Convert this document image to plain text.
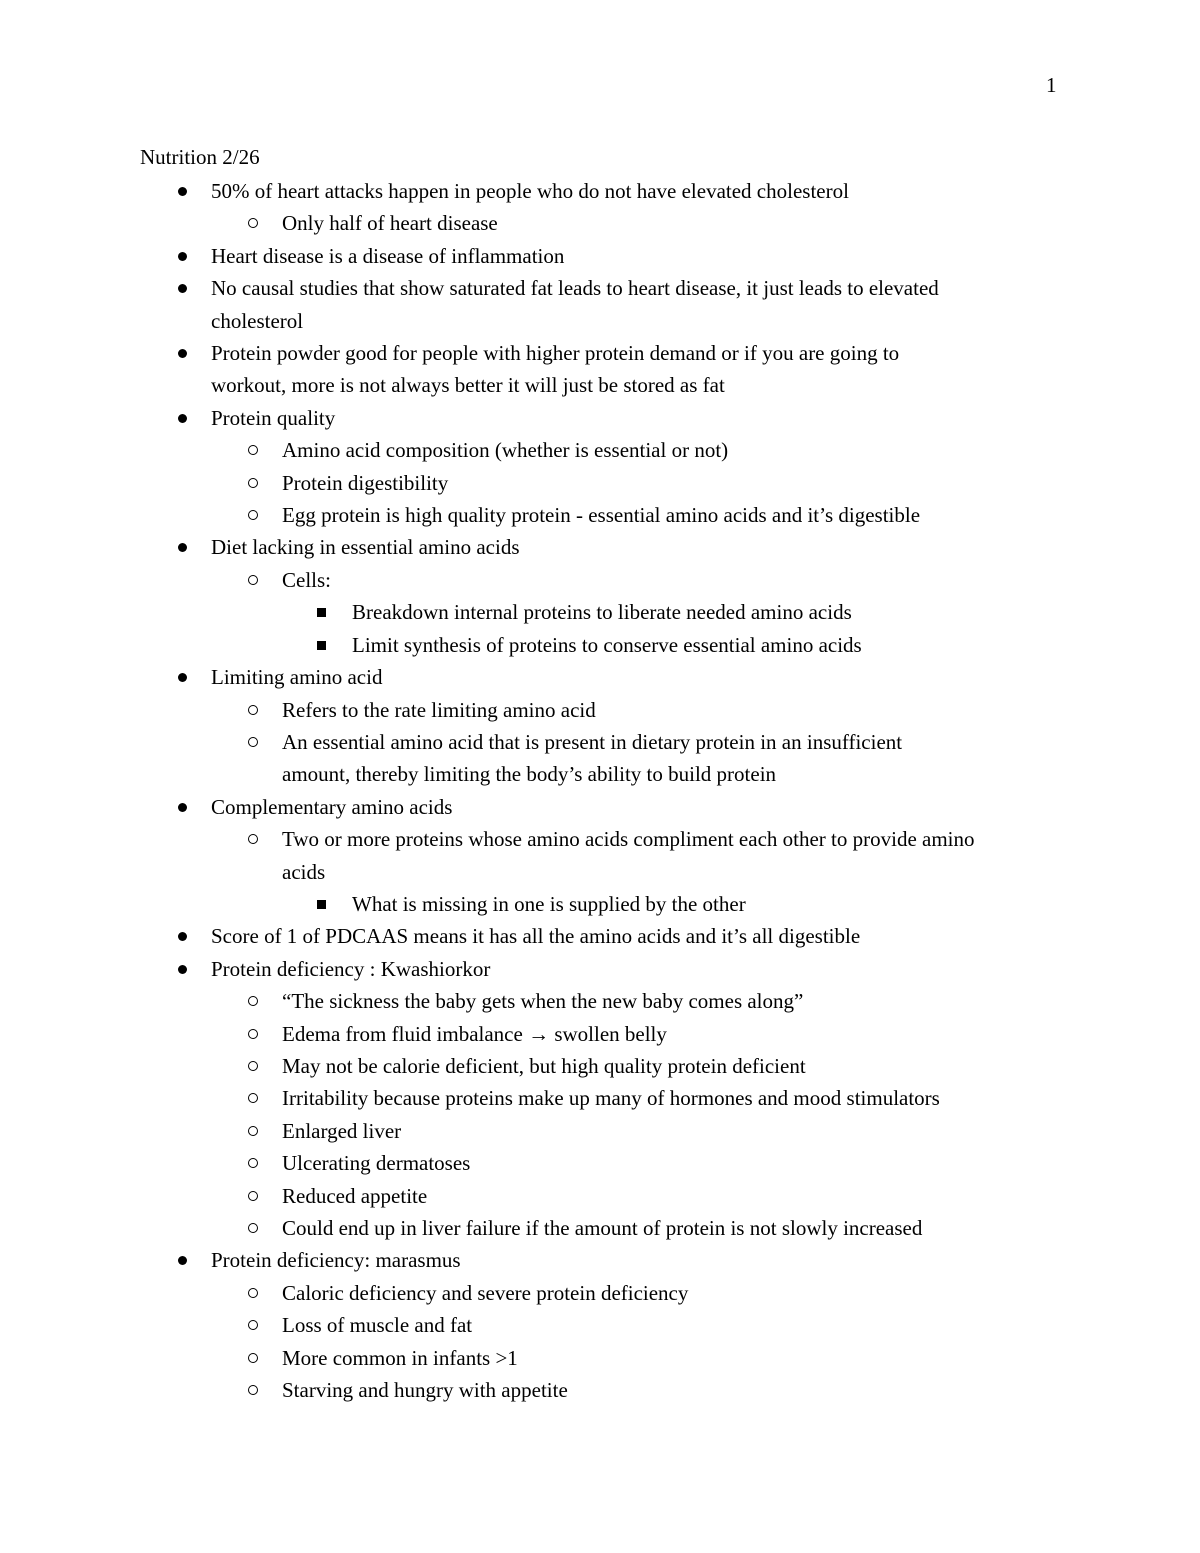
1
Nutrition 2/26
50% of heart attacks happen in people who do not have elevated cholesterol
Only half of heart disease
Heart disease is a disease of inflammation
No causal studies that show saturated fat leads to heart disease, it just leads to elevated
cholesterol
Protein powder good for people with higher protein demand or if you are going to
workout, more is not always better it will just be stored as fat
Protein quality
Amino acid composition (whether is essential or not)
Protein digestibility
Egg protein is high quality protein - essential amino acids and it’s digestible
Diet lacking in essential amino acids
Cells:
Breakdown internal proteins to liberate needed amino acids
Limit synthesis of proteins to conserve essential amino acids
Limiting amino acid
Refers to the rate limiting amino acid
An essential amino acid that is present in dietary protein in an insufficient
amount, thereby limiting the body’s ability to build protein
Complementary amino acids
Two or more proteins whose amino acids compliment each other to provide amino
acids
What is missing in one is supplied by the other
Score of 1 of PDCAAS means it has all the amino acids and it’s all digestible
Protein deficiency : Kwashiorkor
“The sickness the baby gets when the new baby comes along”
Edema from fluid imbalance → swollen belly
May not be calorie deficient, but high quality protein deficient
Irritability because proteins make up many of hormones and mood stimulators
Enlarged liver
Ulcerating dermatoses
Reduced appetite
Could end up in liver failure if the amount of protein is not slowly increased
Protein deficiency: marasmus
Caloric deficiency and severe protein deficiency
Loss of muscle and fat
More common in infants >1
Starving and hungry with appetite
